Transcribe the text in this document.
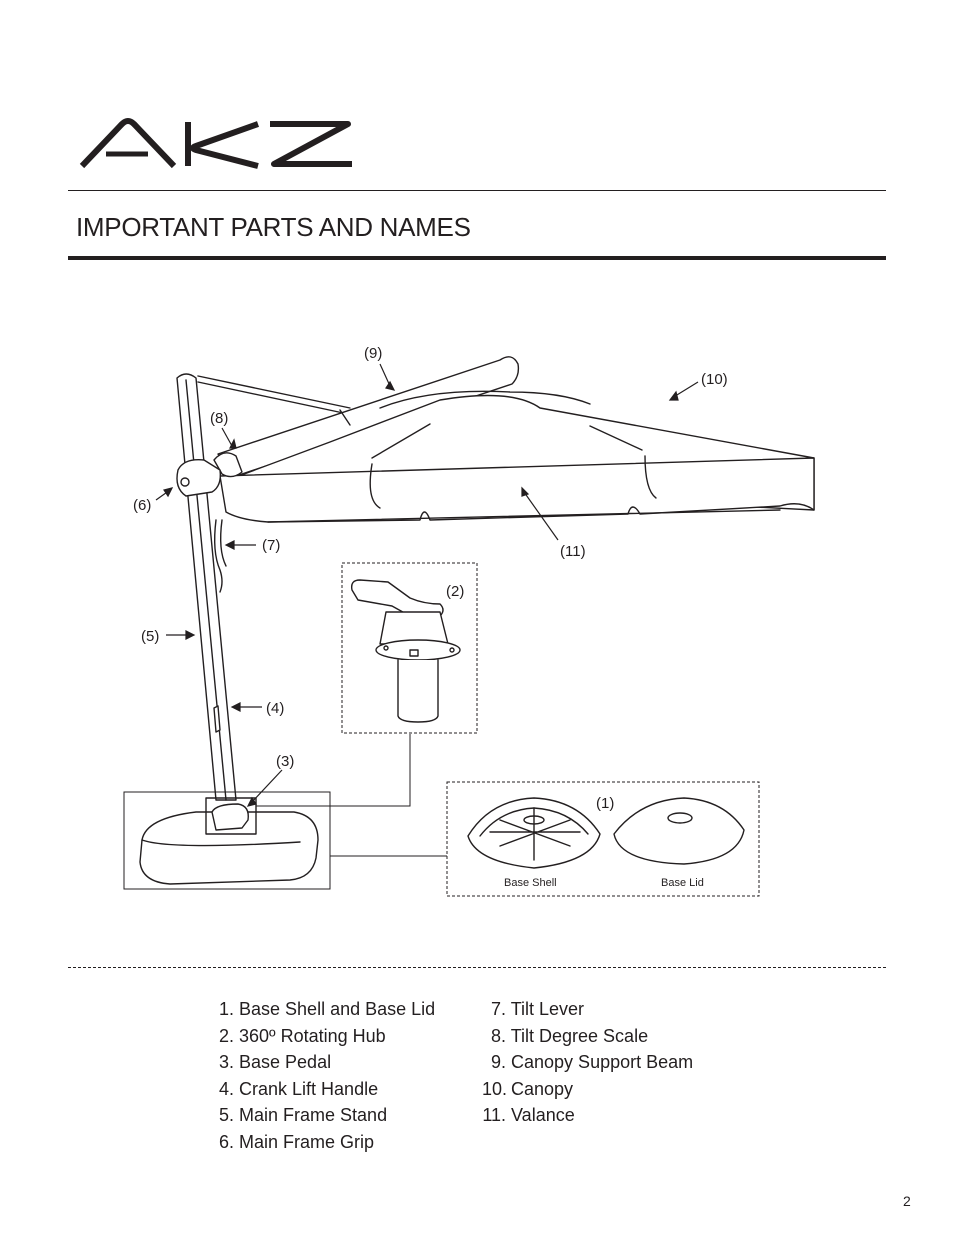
IMPORTANT PARTS AND NAMES
(9)
(10)
(8)
(6)
(7)	(11)
(2)
(5)
(4)
(3)
(1)
Base Shell	Base Lid
1. Base Shell and Base Lid
2. 360º Rotating Hub
3. Base Pedal
4. Crank Lift Handle
5. Main Frame Stand
6. Main Frame Grip
7. Tilt Lever
8. Tilt Degree Scale
9. Canopy Support Beam
10. Canopy
11. Valance
2
